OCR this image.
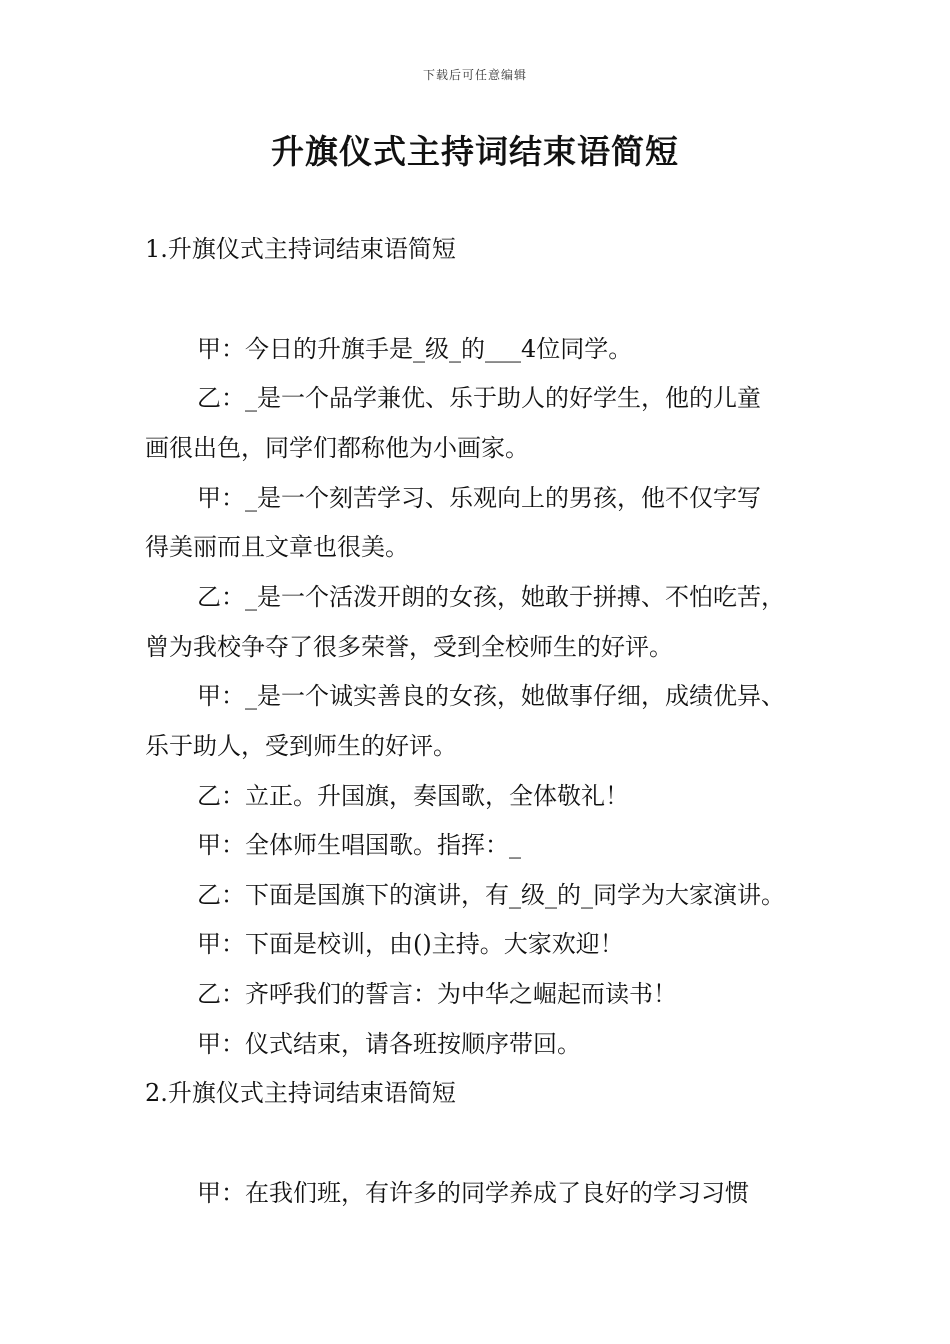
下载后可任意编辑
升旗仪式主持词结束语简短
1.升旗仪式主持词结束语简短
甲：今日的升旗手是_级_的___4位同学。
乙：_是一个品学兼优、乐于助人的好学生，他的儿童
画很出色，同学们都称他为小画家。
甲：_是一个刻苦学习、乐观向上的男孩，他不仅字写
得美丽而且文章也很美。
乙：_是一个活泼开朗的女孩，她敢于拼搏、不怕吃苦，
曾为我校争夺了很多荣誉，受到全校师生的好评。
甲：_是一个诚实善良的女孩，她做事仔细，成绩优异、
乐于助人，受到师生的好评。
乙：立正。升国旗，奏国歌，全体敬礼！
甲：全体师生唱国歌。指挥：_
乙：下面是国旗下的演讲，有_级_的_同学为大家演讲。
甲：下面是校训，由()主持。大家欢迎！
乙：齐呼我们的誓言：为中华之崛起而读书！
甲：仪式结束，请各班按顺序带回。
2.升旗仪式主持词结束语简短
甲：在我们班，有许多的同学养成了良好的学习习惯
